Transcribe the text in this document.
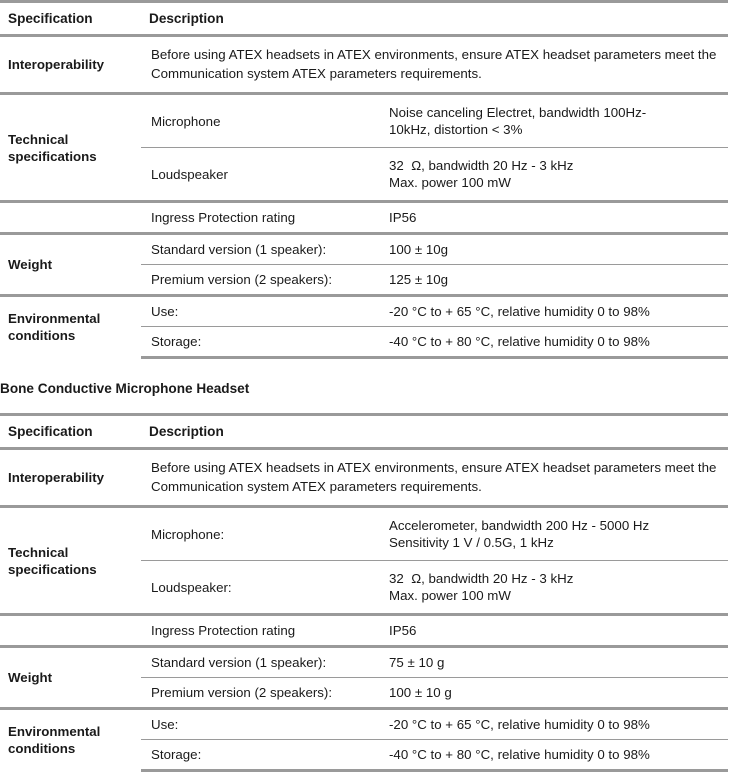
Specification	Description	
Interoperability	Before using ATEX headsets in ATEX environments, ensure ATEX headset parameters meet the Communication system ATEX parameters requirements.	

Technical
specifications	Microphone	Noise canceling Electret, bandwidth 100Hz-
10kHz, distortion < 3%

	Loudspeaker	32 Ω, bandwidth 20 Hz - 3 kHz
Max. power 100 mW

	Ingress Protection rating	IP56
Weight	Standard version (1 speaker):	100 ± 10g
	Premium version (2 speakers):	125 ± 10g

Environmental
conditions	Use:	-20 °C to + 65 °C, relative humidity 0 to 98%
	Storage:	-40 °C to + 80 °C, relative humidity 0 to 98%
Bone Conductive Microphone Headset
Specification	Description	
Interoperability	Before using ATEX headsets in ATEX environments, ensure ATEX headset parameters meet the Communication system ATEX parameters requirements.	

Technical
specifications	Microphone:	Accelerometer, bandwidth 200 Hz - 5000 Hz
Sensitivity 1 V / 0.5G, 1 kHz

	Loudspeaker:	32 Ω, bandwidth 20 Hz - 3 kHz
Max. power 100 mW

	Ingress Protection rating	IP56
Weight	Standard version (1 speaker):	75 ± 10 g
	Premium version (2 speakers):	100 ± 10 g

Environmental
conditions	Use:	-20 °C to + 65 °C, relative humidity 0 to 98%
	Storage:	-40 °C to + 80 °C, relative humidity 0 to 98%
